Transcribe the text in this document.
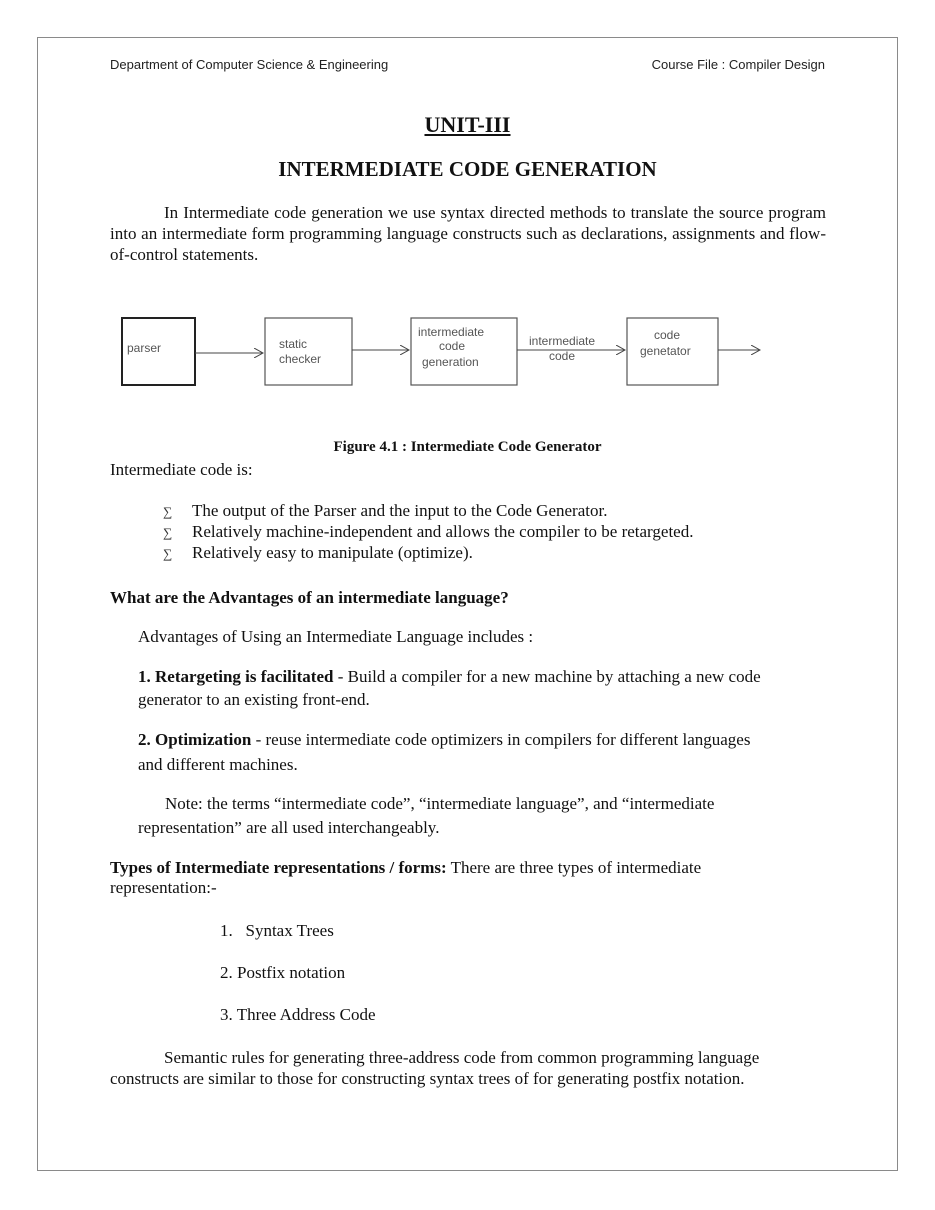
Department of Computer Science & Engineering	Course File : Compiler Design
UNIT-III
INTERMEDIATE CODE GENERATION

In Intermediate code generation we use syntax directed methods to translate the source program into an intermediate form programming language constructs such as declarations, assignments and flow-of-control statements.

parser	static
checker
intermediate
code
generation
intermediate
code
code
genetator
Figure 4.1 : Intermediate Code Generator
Intermediate code is:
∑ The output of the Parser and the input to the Code Generator.
∑ Relatively machine-independent and allows the compiler to be retargeted.
∑ Relatively easy to manipulate (optimize).
What are the Advantages of an intermediate language?
Advantages of Using an Intermediate Language includes :
1. Retargeting is facilitated - Build a compiler for a new machine by attaching a new code
generator to an existing front-end.
2. Optimization - reuse intermediate code optimizers in compilers for different languages
and different machines.
Note: the terms “intermediate code”, “intermediate language”, and “intermediate
representation” are all used interchangeably.
Types of Intermediate representations / forms: There are three types of intermediate
representation:-
1.   Syntax Trees
2. Postfix notation
3. Three Address Code

Semantic rules for generating three-address code from common programming language constructs are similar to those for constructing syntax trees of for generating postfix notation.
